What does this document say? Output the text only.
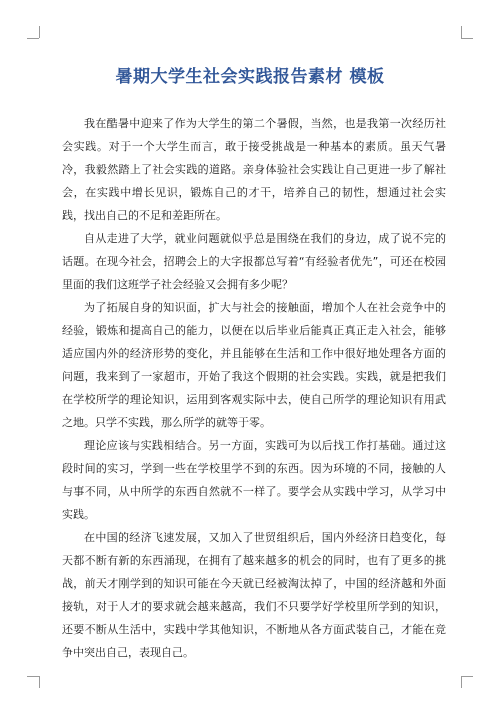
暑期大学生社会实践报告素材 模板

我在酷暑中迎来了作为大学生的第二个暑假，当然，也是我第一次经历社会实践。对于一个大学生而言，敢于接受挑战是一种基本的素质。虽天气暑冷，我毅然踏上了社会实践的道路。亲身体验社会实践让自己更进一步了解社会，在实践中增长见识，锻炼自己的才干，培养自己的韧性，想通过社会实践，找出自己的不足和差距所在。

自从走进了大学，就业问题就似乎总是围绕在我们的身边，成了说不完的话题。在现今社会，招聘会上的大字报都总写着“有经验者优先”，可还在校园里面的我们这班学子社会经验又会拥有多少呢？

为了拓展自身的知识面，扩大与社会的接触面，增加个人在社会竞争中的经验，锻炼和提高自己的能力，以便在以后毕业后能真正真正走入社会，能够适应国内外的经济形势的变化，并且能够在生活和工作中很好地处理各方面的问题，我来到了一家超市，开始了我这个假期的社会实践。实践，就是把我们在学校所学的理论知识，运用到客观实际中去，使自己所学的理论知识有用武之地。只学不实践，那么所学的就等于零。

理论应该与实践相结合。另一方面，实践可为以后找工作打基础。通过这段时间的实习，学到一些在学校里学不到的东西。因为环境的不同，接触的人与事不同，从中所学的东西自然就不一样了。要学会从实践中学习，从学习中实践。

在中国的经济飞速发展，又加入了世贸组织后，国内外经济日趋变化，每天都不断有新的东西涌现，在拥有了越来越多的机会的同时，也有了更多的挑战，前天才刚学到的知识可能在今天就已经被淘汰掉了，中国的经济越和外面接轨，对于人才的要求就会越来越高，我们不只要学好学校里所学到的知识，还要不断从生活中，实践中学其他知识，不断地从各方面武装自己，才能在竞争中突出自己，表现自己。
